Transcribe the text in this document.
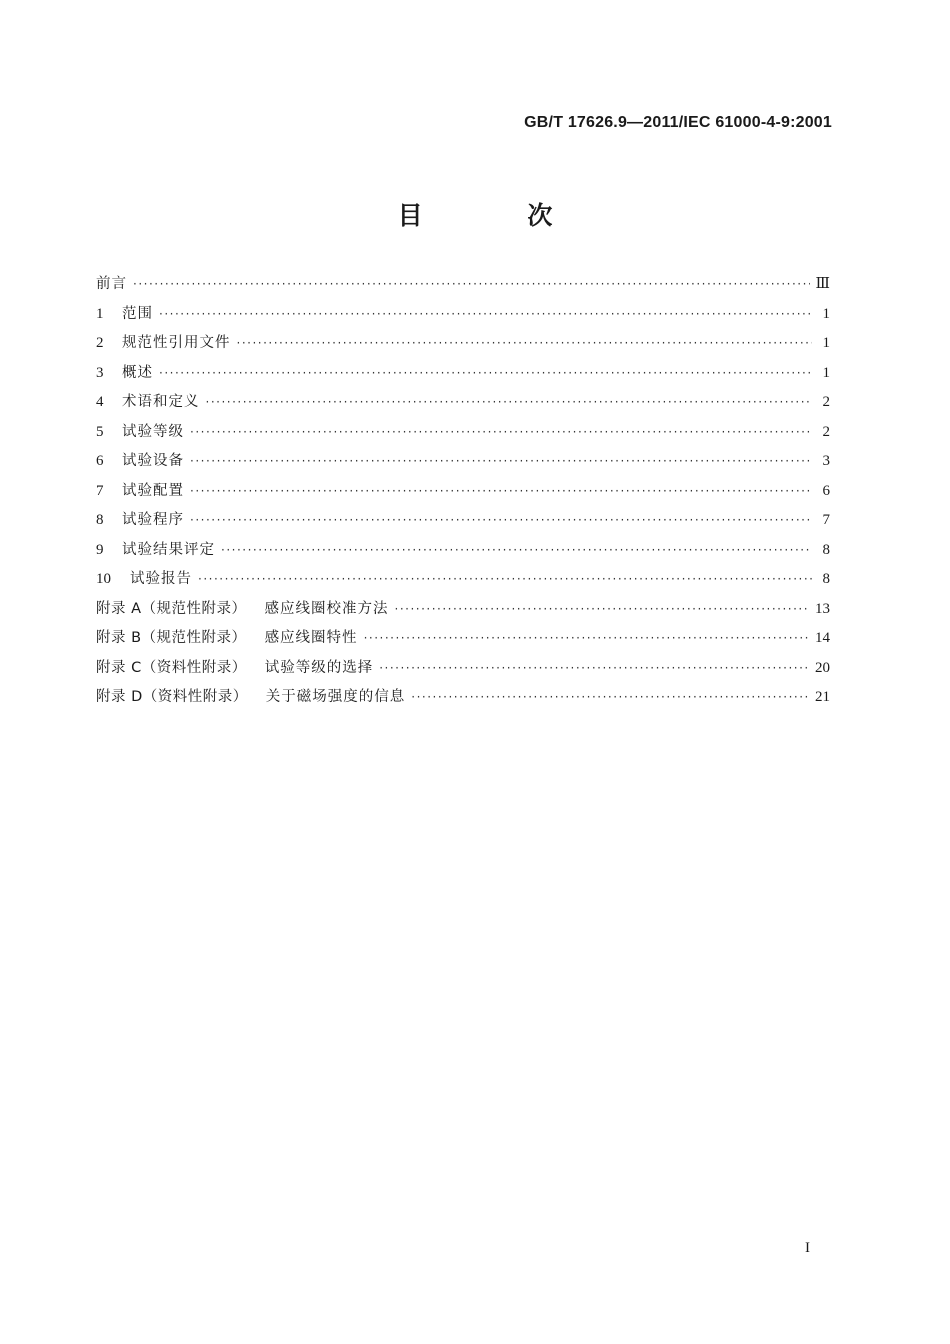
GB/T 17626.9—2011/IEC 61000-4-9:2001
目 次
前言 ·····	Ⅲ
1	范围 ·····	1
2	规范性引用文件 ·····	1
3	概述 ·····	1
4	术语和定义 ·····	2
5	试验等级 ·····	2
6	试验设备 ·····	3
7	试验配置 ·····	6
8	试验程序 ·····	7
9	试验结果评定 ·····	8
10	试验报告 ·····	8
附录 A（规范性附录） 感应线圈校准方法 ·····	13
附录 B（规范性附录） 感应线圈特性 ·····	14
附录 C（资料性附录） 试验等级的选择 ·····	20
附录 D（资料性附录） 关于磁场强度的信息 ·····	21
I
